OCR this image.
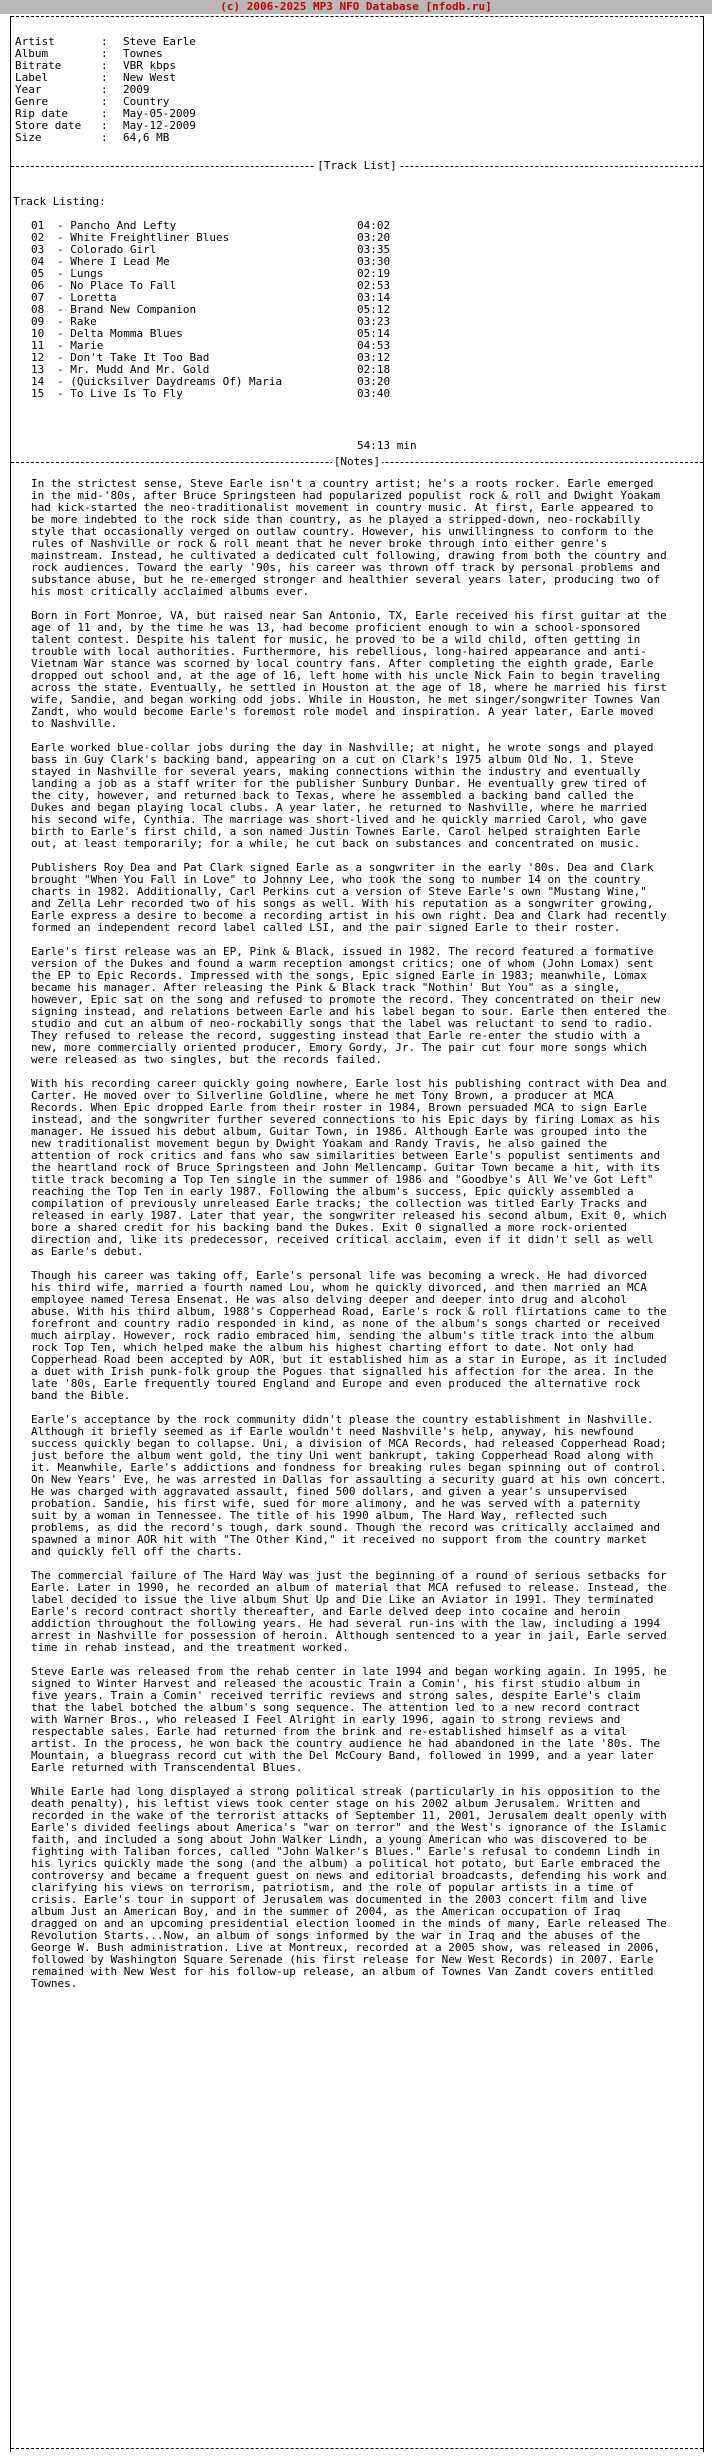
(c) 2006-2025 MP3 NFO Database [nfodb.ru]
Artist	: Steve Earle
Album	: Townes
Bitrate	: VBR kbps
Label	: New West
Year	: 2009
Genre	: Country
Rip date	: May-05-2009
Store date : May-12-2009
Size	: 64,6 MB
[Track List]
Track Listing:
01 - Pancho And Lefty	04:02
02 - White Freightliner Blues	03:20
03 - Colorado Girl	03:35
04 - Where I Lead Me	03:30
05 - Lungs	02:19
06 - No Place To Fall	02:53
07 - Loretta	03:14
08 - Brand New Companion	05:12
09 - Rake	03:23
10 - Delta Momma Blues	05:14
11 - Marie	04:53
12 - Don't Take It Too Bad	03:12
13 - Mr. Mudd And Mr. Gold	02:18
14 - (Quicksilver Daydreams Of) Maria	03:20
15 - To Live Is To Fly	03:40
54:13 min
[Notes]

In the strictest sense, Steve Earle isn't a country artist; he's a roots rocker. Earle emerged in the mid-'80s, after Bruce Springsteen had popularized populist rock & roll and Dwight Yoakam had kick-started the neo-traditionalist movement in country music. At first, Earle appeared to be more indebted to the rock side than country, as he played a stripped-down, neo-rockabilly style that occasionally verged on outlaw country. However, his unwillingness to conform to the rules of Nashville or rock & roll meant that he never broke through into either genre's mainstream. Instead, he cultivated a dedicated cult following, drawing from both the country and rock audiences. Toward the early '90s, his career was thrown off track by personal problems and substance abuse, but he re-emerged stronger and healthier several years later, producing two of his most critically acclaimed albums ever.

Born in Fort Monroe, VA, but raised near San Antonio, TX, Earle received his first guitar at the age of 11 and, by the time he was 13, had become proficient enough to win a school-sponsored talent contest. Despite his talent for music, he proved to be a wild child, often getting in trouble with local authorities. Furthermore, his rebellious, long-haired appearance and anti-Vietnam War stance was scorned by local country fans. After completing the eighth grade, Earle dropped out school and, at the age of 16, left home with his uncle Nick Fain to begin traveling across the state. Eventually, he settled in Houston at the age of 18, where he married his first wife, Sandie, and began working odd jobs. While in Houston, he met singer/songwriter Townes Van Zandt, who would become Earle's foremost role model and inspiration. A year later, Earle moved to Nashville.

Earle worked blue-collar jobs during the day in Nashville; at night, he wrote songs and played bass in Guy Clark's backing band, appearing on a cut on Clark's 1975 album Old No. 1. Steve stayed in Nashville for several years, making connections within the industry and eventually landing a job as a staff writer for the publisher Sunbury Dunbar. He eventually grew tired of the city, however, and returned back to Texas, where he assembled a backing band called the Dukes and began playing local clubs. A year later, he returned to Nashville, where he married his second wife, Cynthia. The marriage was short-lived and he quickly married Carol, who gave birth to Earle's first child, a son named Justin Townes Earle. Carol helped straighten Earle out, at least temporarily; for a while, he cut back on substances and concentrated on music.

Publishers Roy Dea and Pat Clark signed Earle as a songwriter in the early '80s. Dea and Clark brought "When You Fall in Love" to Johnny Lee, who took the song to number 14 on the country charts in 1982. Additionally, Carl Perkins cut a version of Steve Earle's own "Mustang Wine," and Zella Lehr recorded two of his songs as well. With his reputation as a songwriter growing, Earle express a desire to become a recording artist in his own right. Dea and Clark had recently formed an independent record label called LSI, and the pair signed Earle to their roster.

Earle's first release was an EP, Pink & Black, issued in 1982. The record featured a formative version of the Dukes and found a warm reception amongst critics; one of whom (John Lomax) sent the EP to Epic Records. Impressed with the songs, Epic signed Earle in 1983; meanwhile, Lomax became his manager. After releasing the Pink & Black track "Nothin' But You" as a single, however, Epic sat on the song and refused to promote the record. They concentrated on their new signing instead, and relations between Earle and his label began to sour. Earle then entered the studio and cut an album of neo-rockabilly songs that the label was reluctant to send to radio. They refused to release the record, suggesting instead that Earle re-enter the studio with a new, more commercially oriented producer, Emory Gordy, Jr. The pair cut four more songs which were released as two singles, but the records failed.

With his recording career quickly going nowhere, Earle lost his publishing contract with Dea and Carter. He moved over to Silverline Goldline, where he met Tony Brown, a producer at MCA Records. When Epic dropped Earle from their roster in 1984, Brown persuaded MCA to sign Earle instead, and the songwriter further severed connections to his Epic days by firing Lomax as his manager. He issued his debut album, Guitar Town, in 1986. Although Earle was grouped into the new traditionalist movement begun by Dwight Yoakam and Randy Travis, he also gained the attention of rock critics and fans who saw similarities between Earle's populist sentiments and the heartland rock of Bruce Springsteen and John Mellencamp. Guitar Town became a hit, with its title track becoming a Top Ten single in the summer of 1986 and "Goodbye's All We've Got Left" reaching the Top Ten in early 1987. Following the album's success, Epic quickly assembled a compilation of previously unreleased Earle tracks; the collection was titled Early Tracks and released in early 1987. Later that year, the songwriter released his second album, Exit 0, which bore a shared credit for his backing band the Dukes. Exit 0 signalled a more rock-oriented direction and, like its predecessor, received critical acclaim, even if it didn't sell as well as Earle's debut.

Though his career was taking off, Earle's personal life was becoming a wreck. He had divorced his third wife, married a fourth named Lou, whom he quickly divorced, and then married an MCA employee named Teresa Ensenat. He was also delving deeper and deeper into drug and alcohol abuse. With his third album, 1988's Copperhead Road, Earle's rock & roll flirtations came to the forefront and country radio responded in kind, as none of the album's songs charted or received much airplay. However, rock radio embraced him, sending the album's title track into the album rock Top Ten, which helped make the album his highest charting effort to date. Not only had Copperhead Road been accepted by AOR, but it established him as a star in Europe, as it included a duet with Irish punk-folk group the Pogues that signalled his affection for the area. In the late '80s, Earle frequently toured England and Europe and even produced the alternative rock band the Bible.

Earle's acceptance by the rock community didn't please the country establishment in Nashville. Although it briefly seemed as if Earle wouldn't need Nashville's help, anyway, his newfound success quickly began to collapse. Uni, a division of MCA Records, had released Copperhead Road; just before the album went gold, the tiny Uni went bankrupt, taking Copperhead Road along with it. Meanwhile, Earle's addictions and fondness for breaking rules began spinning out of control. On New Years' Eve, he was arrested in Dallas for assaulting a security guard at his own concert. He was charged with aggravated assault, fined 500 dollars, and given a year's unsupervised probation. Sandie, his first wife, sued for more alimony, and he was served with a paternity suit by a woman in Tennessee. The title of his 1990 album, The Hard Way, reflected such problems, as did the record's tough, dark sound. Though the record was critically acclaimed and spawned a minor AOR hit with "The Other Kind," it received no support from the country market and quickly fell off the charts.

The commercial failure of The Hard Way was just the beginning of a round of serious setbacks for Earle. Later in 1990, he recorded an album of material that MCA refused to release. Instead, the label decided to issue the live album Shut Up and Die Like an Aviator in 1991. They terminated Earle's record contract shortly thereafter, and Earle delved deep into cocaine and heroin addiction throughout the following years. He had several run-ins with the law, including a 1994 arrest in Nashville for possession of heroin. Although sentenced to a year in jail, Earle served time in rehab instead, and the treatment worked.

Steve Earle was released from the rehab center in late 1994 and began working again. In 1995, he signed to Winter Harvest and released the acoustic Train a Comin', his first studio album in five years. Train a Comin' received terrific reviews and strong sales, despite Earle's claim that the label botched the album's song sequence. The attention led to a new record contract with Warner Bros., who released I Feel Alright in early 1996, again to strong reviews and respectable sales. Earle had returned from the brink and re-established himself as a vital artist. In the process, he won back the country audience he had abandoned in the late '80s. The Mountain, a bluegrass record cut with the Del McCoury Band, followed in 1999, and a year later Earle returned with Transcendental Blues.

While Earle had long displayed a strong political streak (particularly in his opposition to the death penalty), his leftist views took center stage on his 2002 album Jerusalem. Written and recorded in the wake of the terrorist attacks of September 11, 2001, Jerusalem dealt openly with Earle's divided feelings about America's "war on terror" and the West's ignorance of the Islamic faith, and included a song about John Walker Lindh, a young American who was discovered to be fighting with Taliban forces, called "John Walker's Blues." Earle's refusal to condemn Lindh in his lyrics quickly made the song (and the album) a political hot potato, but Earle embraced the controversy and became a frequent guest on news and editorial broadcasts, defending his work and clarifying his views on terrorism, patriotism, and the role of popular artists in a time of crisis. Earle's tour in support of Jerusalem was documented in the 2003 concert film and live album Just an American Boy, and in the summer of 2004, as the American occupation of Iraq dragged on and an upcoming presidential election loomed in the minds of many, Earle released The Revolution Starts...Now, an album of songs informed by the war in Iraq and the abuses of the George W. Bush administration. Live at Montreux, recorded at a 2005 show, was released in 2006, followed by Washington Square Serenade (his first release for New West Records) in 2007. Earle remained with New West for his follow-up release, an album of Townes Van Zandt covers entitled Townes.
